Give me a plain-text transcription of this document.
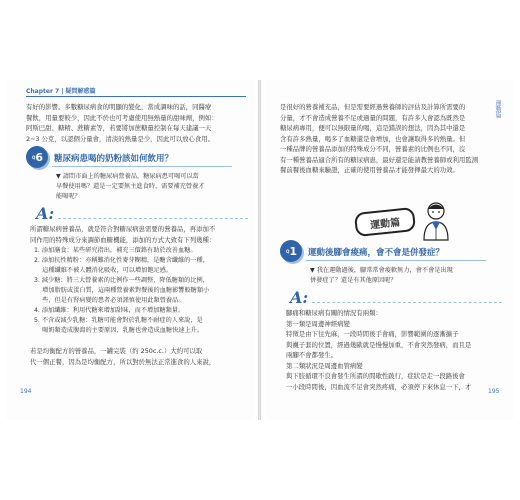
Chapter 7 | 疑問解惑篇
有好的影響。多數糖尿病食的明顯的變化，當成調味的話，同醫療
餐飲，用量要較少，因此不於也可考慮使用無熱量的甜味劑，例如：
阿斯巴甜、糖精、蔗糖素等，若要將加蔗糖量控制在每天建議一天
2~3 公克，以認個分量會，清淡的熱量是少，因此可以放心食用。
Q 6 糖尿病患喝的奶粉該如何飲用？
▼ 請問市面上的糖尿病營養品，糖尿病患可喝可以當
早餐使用嗎？還是一定要無主進食時，需要補充營養才
能喝呢？
A:
所謂糖尿病營養品，就是符合對糖尿病患需要的營養品，再添加不
同作用的特殊成分來調節血糖機能，添加的方式大致有下列幾種：
1. 添加膳食：某些研究指出，補充三價鉻有助於改善血糖。
2. 添加抗性精粉：亦稱難消化性麥芽糊精，是醣含纖維的一種，
　 這種纖維不被人體消化吸收，可以增加飽足感。
3. 減少糖：將三大營養素的比例作一些調整，降低糖類的比例，
　 增加脂肪或蛋白質，這兩種營養素對餐後的血糖影響較糖類小
　 些，但是有腎病變的患者必須謹慎使用此類營養品。
4. 添加纖維：利用代糖來增加甜味，而不增加糖類量。
5. 不含或減少乳糖：乳糖可能會對於乳糖不耐症的人來說，是
　 喝奶類造成腹瀉的主要原因，乳糖也會造成血糖快速上升。
若是均衡配方的營養品，一罐完裝（約 250c.c.）大約可以取
代一個正餐，因為是均衡配方，所以對於無法正常進食的人來說，
194
是很好的營養補充品，但是需要經過營養師的評估及計算所需要的
分量，才不會造成營養不足或過量的問題，有許多人會認為既然是
糖尿病專用，便可以無限量的喝，這是錯誤的想法，因為其中還是
含有許多熱量，喝多了血糖還是會增加，也會讓取得多的熱量。但
一種品牌的營養品添加的特殊成分不同，營養素的比例也不同，沒
有一種營養品適合所有的糖尿病患，最好還是能請教營養師或利用監測
餐前餐後血糖來驗證，正確的使用營養品才能發揮最大的功效。
Q 1 運動後腳會痠痛，會不會是併發症？
▼ 我在運動過後，腳常常會痠軟無力，會不會是出現
併發症了？還是有其他原因呢？
A:
腳痛和糖尿病有關的情況有兩類：
第一類是周邊神經病變
特徵是由下往先麻，一段時間後手會痛，影響範圍的逐漸擴子
與襪子套的位置，經過幾歐就是慢慢加重，不會突然發病，而且是
兩腳不會都發生。
第二類狀況是周邊血管病變
與下肢循環不良會發生所謂的間歇性跛行，症狀是走一段路後會
一小段時間後，因血流不足會突然疼痛，必須停下來休息一下，才
195
運動篇
運動篇
